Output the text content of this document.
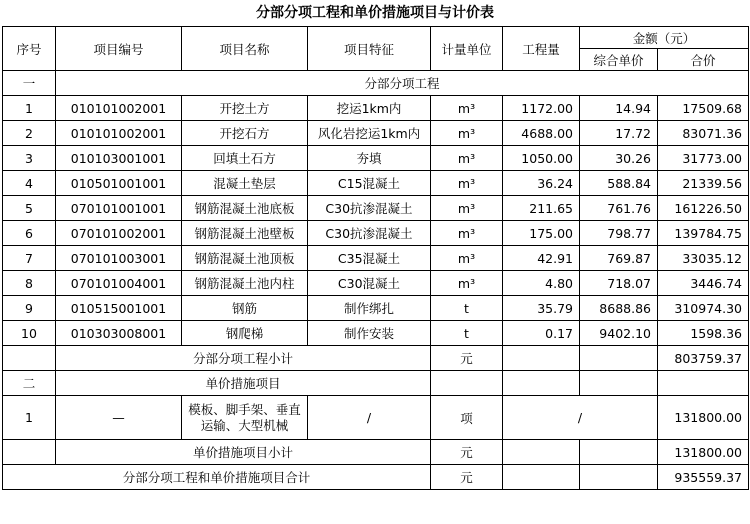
分部分项工程和单价措施项目与计价表
序号	项目编号	项目名称	项目特征	计量单位	工程量	金额（元）	
						综合单价	合价
一	分部分项工程						
1	010101002001	开挖土方	挖运1km内	m³	1172.00	14.94	17509.68
2	010101002001	开挖石方	风化岩挖运1km内	m³	4688.00	17.72	83071.36
3	010103001001	回填土石方	夯填	m³	1050.00	30.26	31773.00
4	010501001001	混凝土垫层	C15混凝土	m³	36.24	588.84	21339.56
5	070101001001	钢筋混凝土池底板	C30抗渗混凝土	m³	211.65	761.76	161226.50
6	070101002001	钢筋混凝土池壁板	C30抗渗混凝土	m³	175.00	798.77	139784.75
7	070101003001	钢筋混凝土池顶板	C35混凝土	m³	42.91	769.87	33035.12
8	070101004001	钢筋混凝土池内柱	C30混凝土	m³	4.80	718.07	3446.74
9	010515001001	钢筋	制作绑扎	t	35.79	8688.86	310974.30
10	010303008001	钢爬梯	制作安装	t	0.17	9402.10	1598.36
	分部分项工程小计			元			803759.37
二	单价措施项目						
1	—	模板、脚手架、垂直运输、大型机械	/	项	/		131800.00
	单价措施项目小计			元			131800.00
分部分项工程和单价措施项目合计				元			935559.37
